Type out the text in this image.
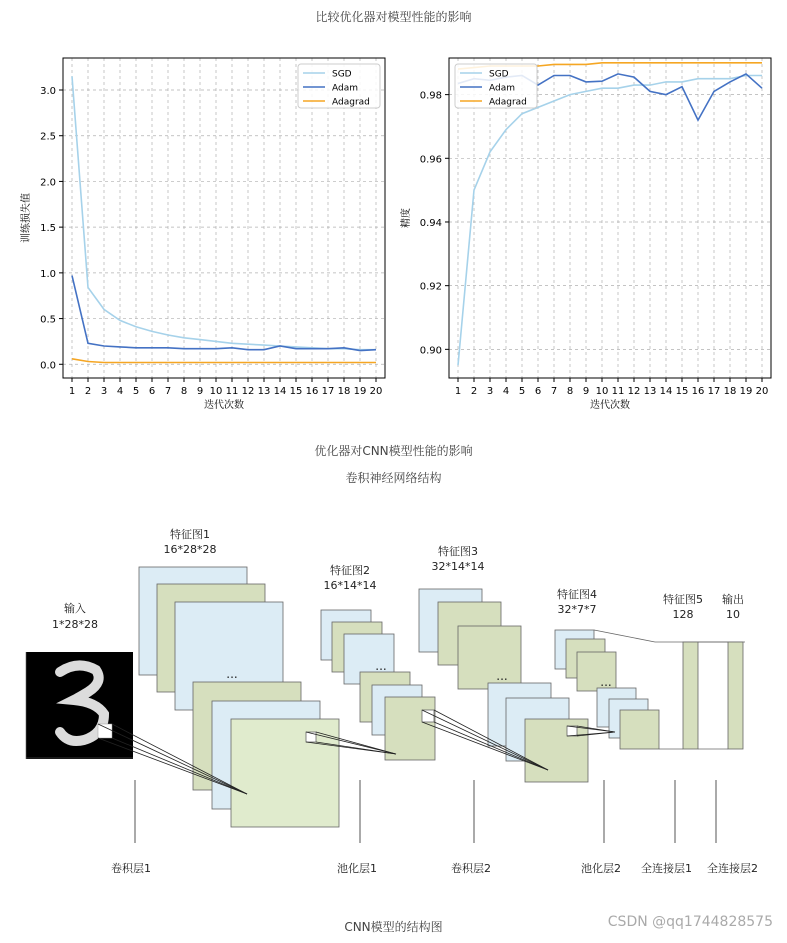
比较优化器对模型性能的影响
1 2 3 4 5 6 7 8 9 10 11 12 13 14 15 16 17 18 19 20
0.0
0.5
1.0
1.5
2.0
2.5
3.0
迭代次数
训练损失值
SGD
Adam
Adagrad
1 2 3 4 5 6 7 8 9 10 11 12 13 14 15 16 17 18 19 20
0.90
0.92
0.94
0.96
0.98
迭代次数
精度
SGD
Adam
Adagrad
优化器对CNN模型性能的影响
卷积神经网络结构
输入
1*28*28
特征图1
16*28*28
特征图2
16*14*14
特征图3
32*14*14
特征图4
32*7*7
特征图5
128
输出
10
...
...
...	...
卷积层1	池化层1	卷积层2	池化层2 全连接层1 全连接层2
CNN模型的结构图	CSDN @qq1744828575
